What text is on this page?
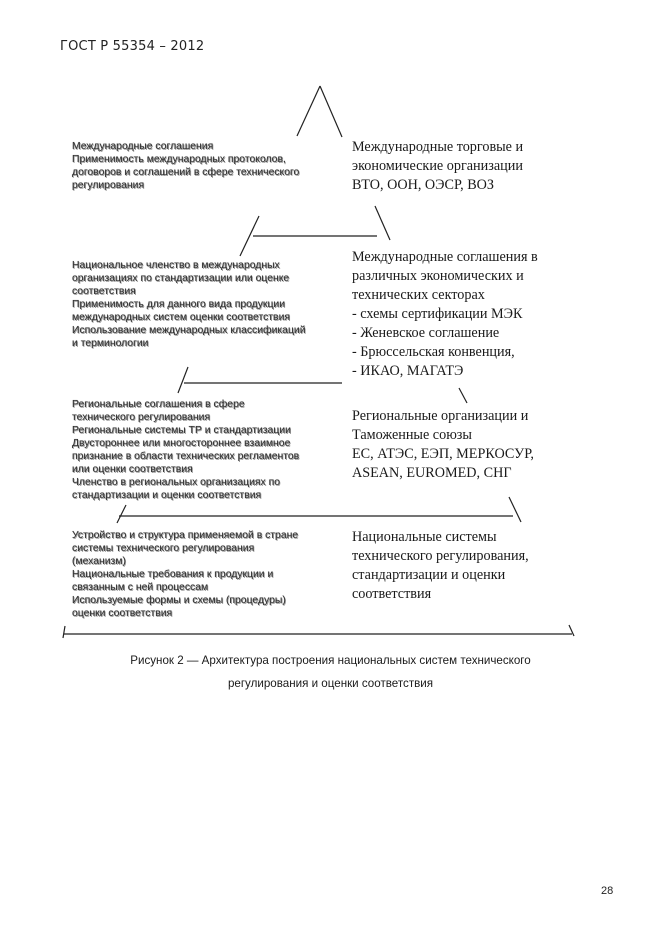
ГОСТ Р 55354 – 2012
Международные соглашения
Применимость международных протоколов,
договоров и соглашений в сфере технического
регулирования
Международные торговые и
экономические организации
ВТО, ООН, ОЭСР, ВОЗ
Национальное членство в международных
организациях по стандартизации или оценке
соответствия
Применимость для данного вида продукции
международных систем оценки соответствия
Использование международных классификаций
и терминологии
Международные соглашения в
различных экономических и
технических секторах
- схемы сертификации МЭК
- Женевское соглашение
- Брюссельская конвенция,
- ИКАО, МАГАТЭ
Региональные соглашения в сфере
технического регулирования
Региональные системы ТР и стандартизации
Двустороннее или многостороннее взаимное
признание в области технических регламентов
или оценки соответствия
Членство в региональных организациях по
стандартизации и оценки соответствия
Региональные организации и
Таможенные союзы
ЕС, АТЭС, ЕЭП, МЕРКОСУР,
ASEAN, EUROMED, СНГ
Устройство и структура применяемой в стране
системы технического регулирования
(механизм)
Национальные требования к продукции и
связанным с ней процессам
Используемые формы и схемы (процедуры)
оценки соответствия
Национальные системы
технического регулирования,
стандартизации и оценки
соответствия
Рисунок 2 — Архитектура построения национальных систем технического
регулирования и оценки соответствия
28
